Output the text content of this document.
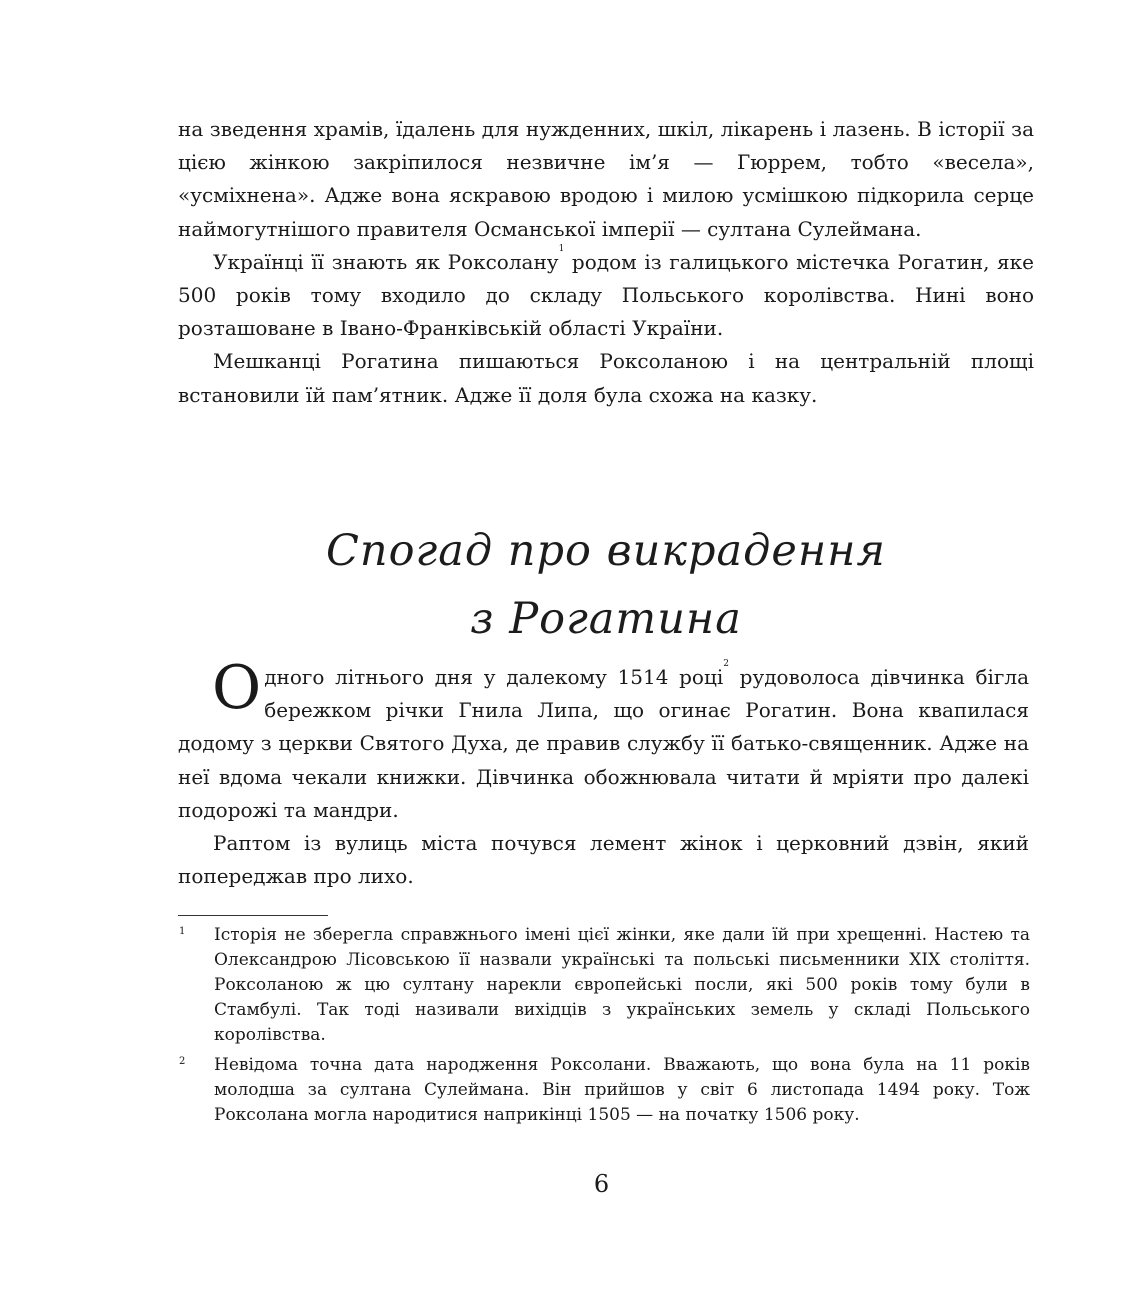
на зведення храмів, їдалень для нужденних, шкіл, лікарень і лазень. В історії за цією жінкою закріпилося незвичне ім’я — Гюррем, тобто «весела», «усміхнена». Адже вона яскравою вродою і милою усмішкою підкорила серце наймогутнішого правителя Османської імперії — султана Сулеймана.

Українці її знають як Роксолану$^1$ родом із галицького містечка Рогатин, яке 500 років тому входило до складу Польського королівства. Нині воно розташоване в Івано-Франківській області України.

Мешканці Рогатина пишаються Роксоланою і на центральній площі встановили їй пам’ятник. Адже її доля була схожа на казку.

Спогад про викрадення
з Рогатина

Одного літнього дня у далекому 1514 році$^2$ рудоволоса дівчинка бігла бережком річки Гнила Липа, що огинає Рогатин. Вона квапилася додому з церкви Святого Духа, де правив службу її батько-священник. Адже на неї вдома чекали книжки. Дівчинка обожнювала читати й мріяти про далекі подорожі та мандри.

Раптом із вулиць міста почувся лемент жінок і церковний дзвін, який попереджав про лихо.

1 Історія не зберегла справжнього імені цієї жінки, яке дали їй при хрещенні. Настею та Олександрою Лісовською її назвали українські та польські письменники XIX століття. Роксоланою ж цю султану нарекли європейські посли, які 500 років тому були в Стамбулі. Так тоді називали вихідців з українських земель у складі Польського королівства.

2 Невідома точна дата народження Роксолани. Вважають, що вона була на 11 років молодша за султана Сулеймана. Він прийшов у світ 6 листопада 1494 року. Тож Роксолана могла народитися наприкінці 1505 — на початку 1506 року.

6
